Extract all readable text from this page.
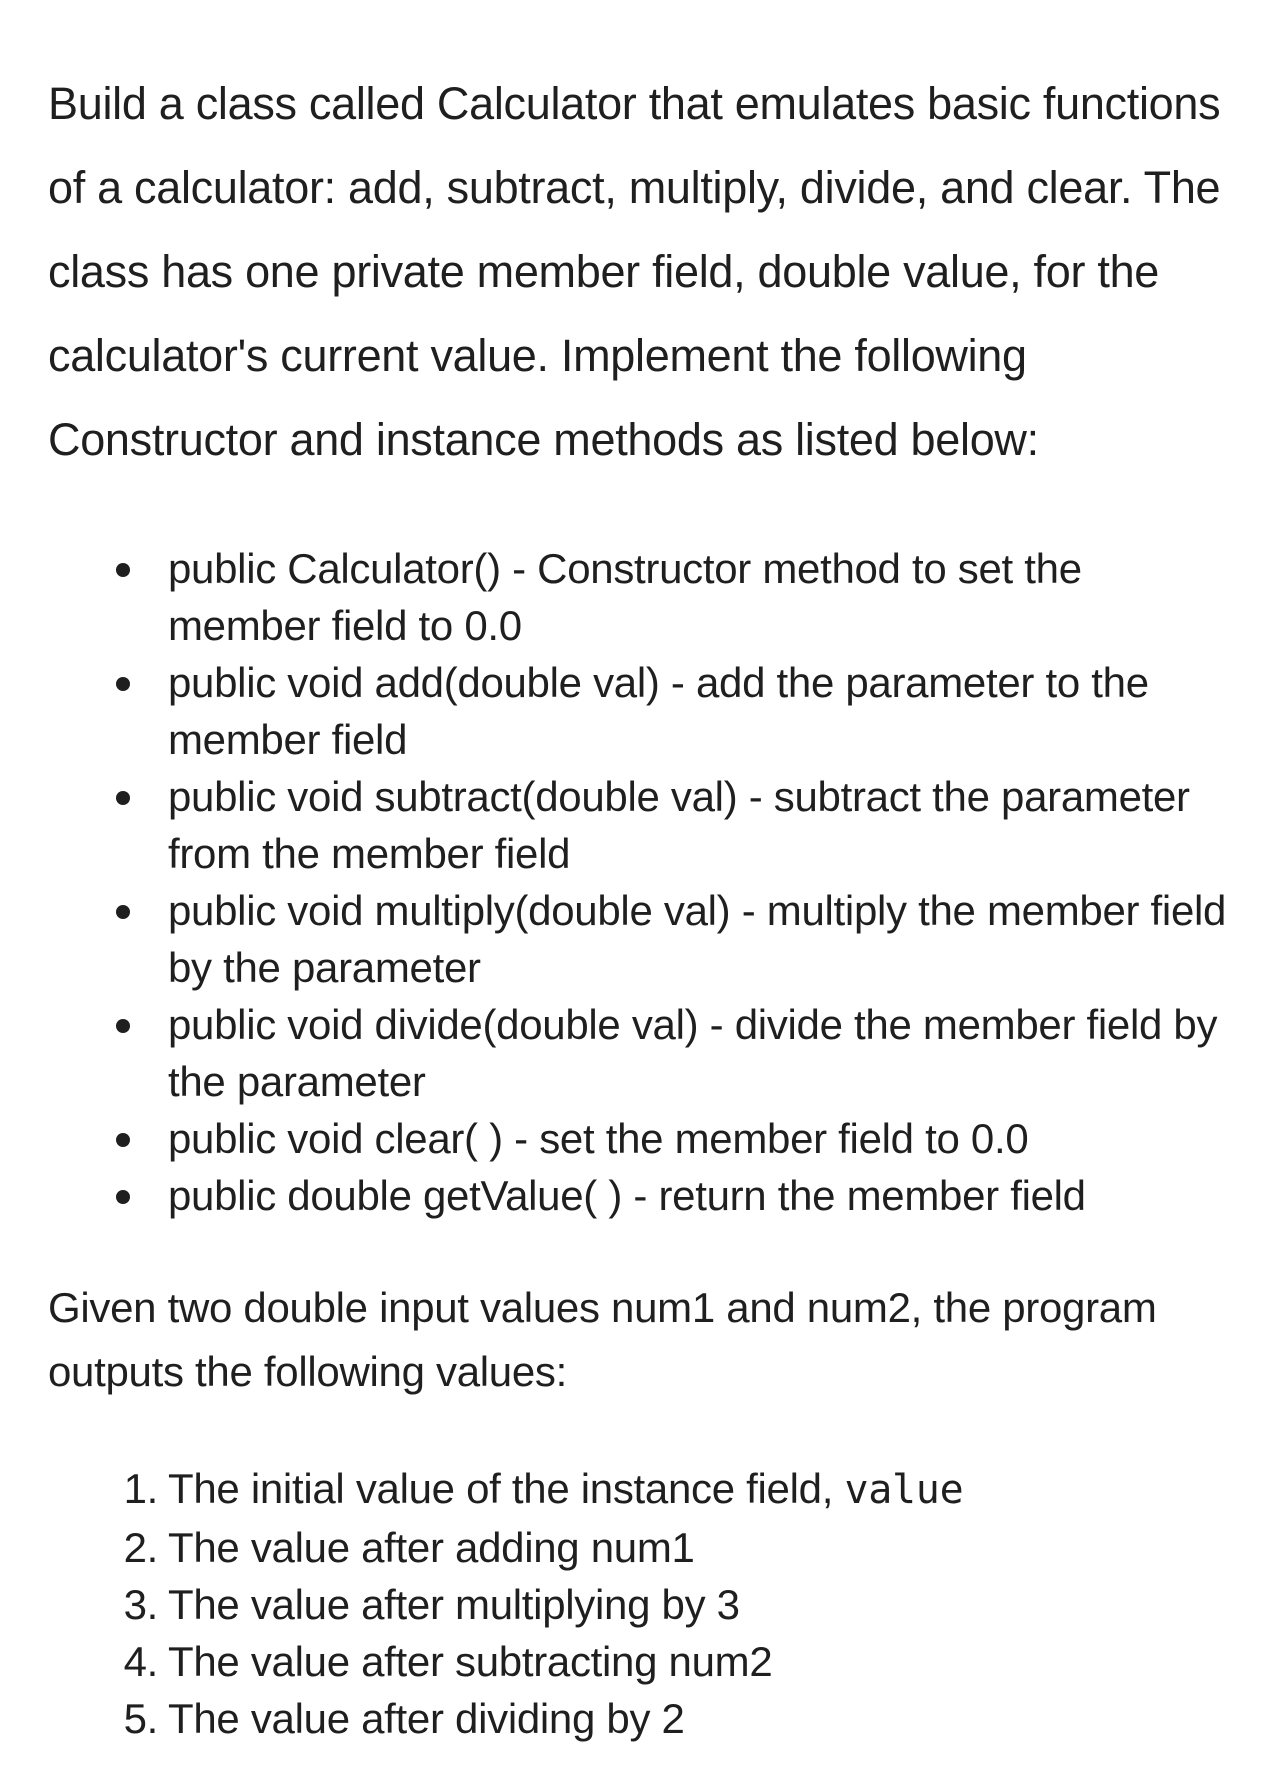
Build a class called Calculator that emulates basic functions of a calculator: add, subtract, multiply, divide, and clear. The class has one private member field, double value, for the calculator's current value. Implement the following Constructor and instance methods as listed below:

public Calculator() - Constructor method to set the member field to 0.0
public void add(double val) - add the parameter to the member field
public void subtract(double val) - subtract the parameter from the member field
public void multiply(double val) - multiply the member field by the parameter
public void divide(double val) - divide the member field by the parameter
public void clear( ) - set the member field to 0.0
public double getValue( ) - return the member field

Given two double input values num1 and num2, the program outputs the following values:

1. The initial value of the instance field, value
2. The value after adding num1
3. The value after multiplying by 3
4. The value after subtracting num2
5. The value after dividing by 2
